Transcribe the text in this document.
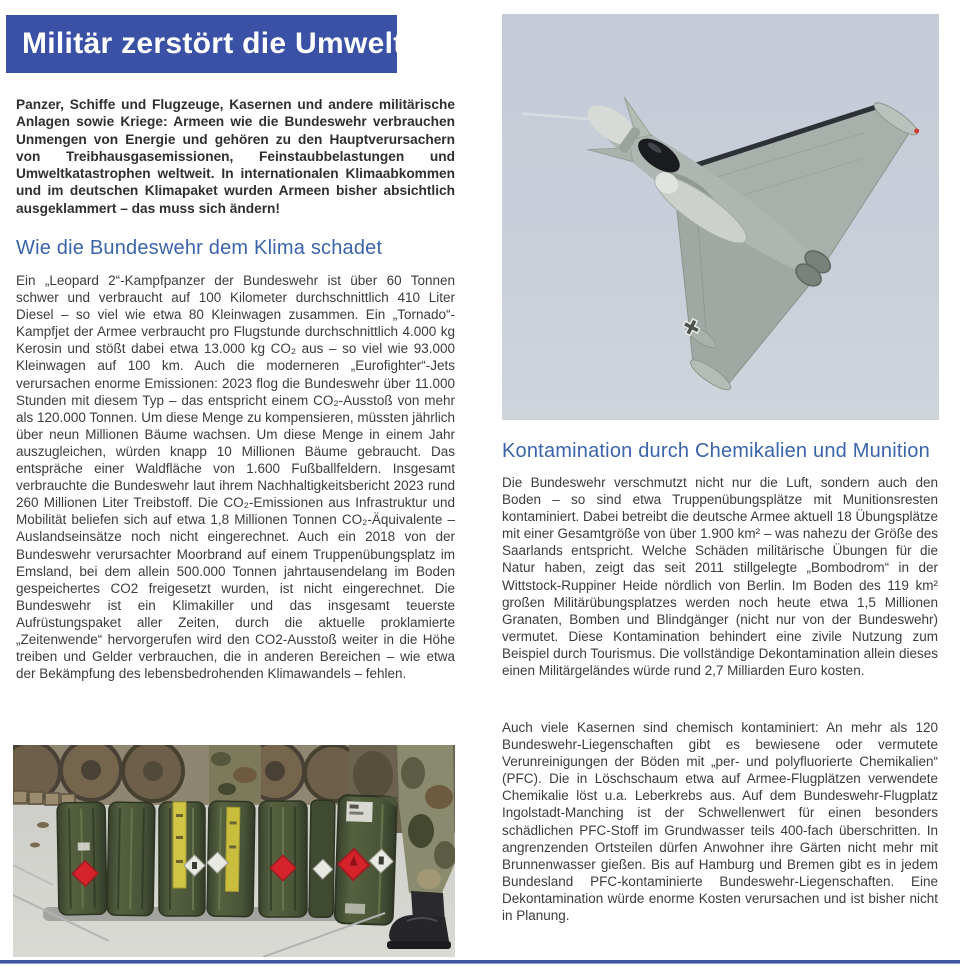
Militär zerstört die Umwelt

Panzer, Schiffe und Flugzeuge, Kasernen und andere militärische Anlagen sowie Kriege: Armeen wie die Bundeswehr verbrauchen Unmengen von Energie und gehören zu den Hauptverursachern von Treibhausgasemissionen, Feinstaubbelastungen und Umweltkatastrophen weltweit. In internationalen Klimaabkommen und im deutschen Klimapaket wurden Armeen bisher absichtlich ausgeklammert – das muss sich ändern!

Wie die Bundeswehr dem Klima schadet

Ein „Leopard 2“-Kampfpanzer der Bundeswehr ist über 60 Tonnen schwer und verbraucht auf 100 Kilometer durchschnittlich 410 Liter Diesel – so viel wie etwa 80 Kleinwagen zusammen. Ein „Tornado“-Kampfjet der Armee verbraucht pro Flugstunde durchschnittlich 4.000 kg Kerosin und stößt dabei etwa 13.000 kg CO₂ aus – so viel wie 93.000 Kleinwagen auf 100 km. Auch die moderneren „Eurofighter“-Jets verursachen enorme Emissionen: 2023 flog die Bundeswehr über 11.000 Stunden mit diesem Typ – das entspricht einem CO₂-Ausstoß von mehr als 120.000 Tonnen. Um diese Menge zu kompensieren, müssten jährlich über neun Millionen Bäume wachsen. Um diese Menge in einem Jahr auszugleichen, würden knapp 10 Millionen Bäume gebraucht. Das entspräche einer Waldfläche von 1.600 Fußballfeldern. Insgesamt verbrauchte die Bundeswehr laut ihrem Nachhaltigkeitsbericht 2023 rund 260 Millionen Liter Treibstoff. Die CO₂-Emissionen aus Infrastruktur und Mobilität beliefen sich auf etwa 1,8 Millionen Tonnen CO₂-Äquivalente – Auslandseinsätze noch nicht eingerechnet. Auch ein 2018 von der Bundeswehr verursachter Moorbrand auf einem Truppenübungsplatz im Emsland, bei dem allein 500.000 Tonnen jahrtausendelang im Boden gespeichertes CO2 freigesetzt wurden, ist nicht eingerechnet. Die Bundeswehr ist ein Klimakiller und das insgesamt teuerste Aufrüstungspaket aller Zeiten, durch die aktuelle proklamierte „Zeitenwende“ hervorgerufen wird den CO2-Ausstoß weiter in die Höhe treiben und Gelder verbrauchen, die in anderen Bereichen – wie etwa der Bekämpfung des lebensbedrohenden Klimawandels – fehlen.

Kontamination durch Chemikalien und Munition

Die Bundeswehr verschmutzt nicht nur die Luft, sondern auch den Boden – so sind etwa Truppenübungsplätze mit Munitionsresten kontaminiert. Dabei betreibt die deutsche Armee aktuell 18 Übungsplätze mit einer Gesamtgröße von über 1.900 km² – was nahezu der Größe des Saarlands entspricht. Welche Schäden militärische Übungen für die Natur haben, zeigt das seit 2011 stillgelegte „Bombodrom“ in der Wittstock-Ruppiner Heide nördlich von Berlin. Im Boden des 119 km² großen Militärübungsplatzes werden noch heute etwa 1,5 Millionen Granaten, Bomben und Blindgänger (nicht nur von der Bundeswehr) vermutet. Diese Kontamination behindert eine zivile Nutzung zum Beispiel durch Tourismus. Die vollständige Dekontamination allein dieses einen Militärgeländes würde rund 2,7 Milliarden Euro kosten.

Auch viele Kasernen sind chemisch kontaminiert: An mehr als 120 Bundeswehr-Liegenschaften gibt es bewiesene oder vermutete Verunreinigungen der Böden mit „per- und polyfluorierte Chemikalien“ (PFC). Die in Löschschaum etwa auf Armee-Flugplätzen verwendete Chemikalie löst u.a. Leberkrebs aus. Auf dem Bundeswehr-Flugplatz Ingolstadt-Manching ist der Schwellenwert für einen besonders schädlichen PFC-Stoff im Grundwasser teils 400-fach überschritten. In angrenzenden Ortsteilen dürfen Anwohner ihre Gärten nicht mehr mit Brunnenwasser gießen. Bis auf Hamburg und Bremen gibt es in jedem Bundesland PFC-kontaminierte Bundeswehr-Liegenschaften. Eine Dekontamination würde enorme Kosten verursachen und ist bisher nicht in Planung.
